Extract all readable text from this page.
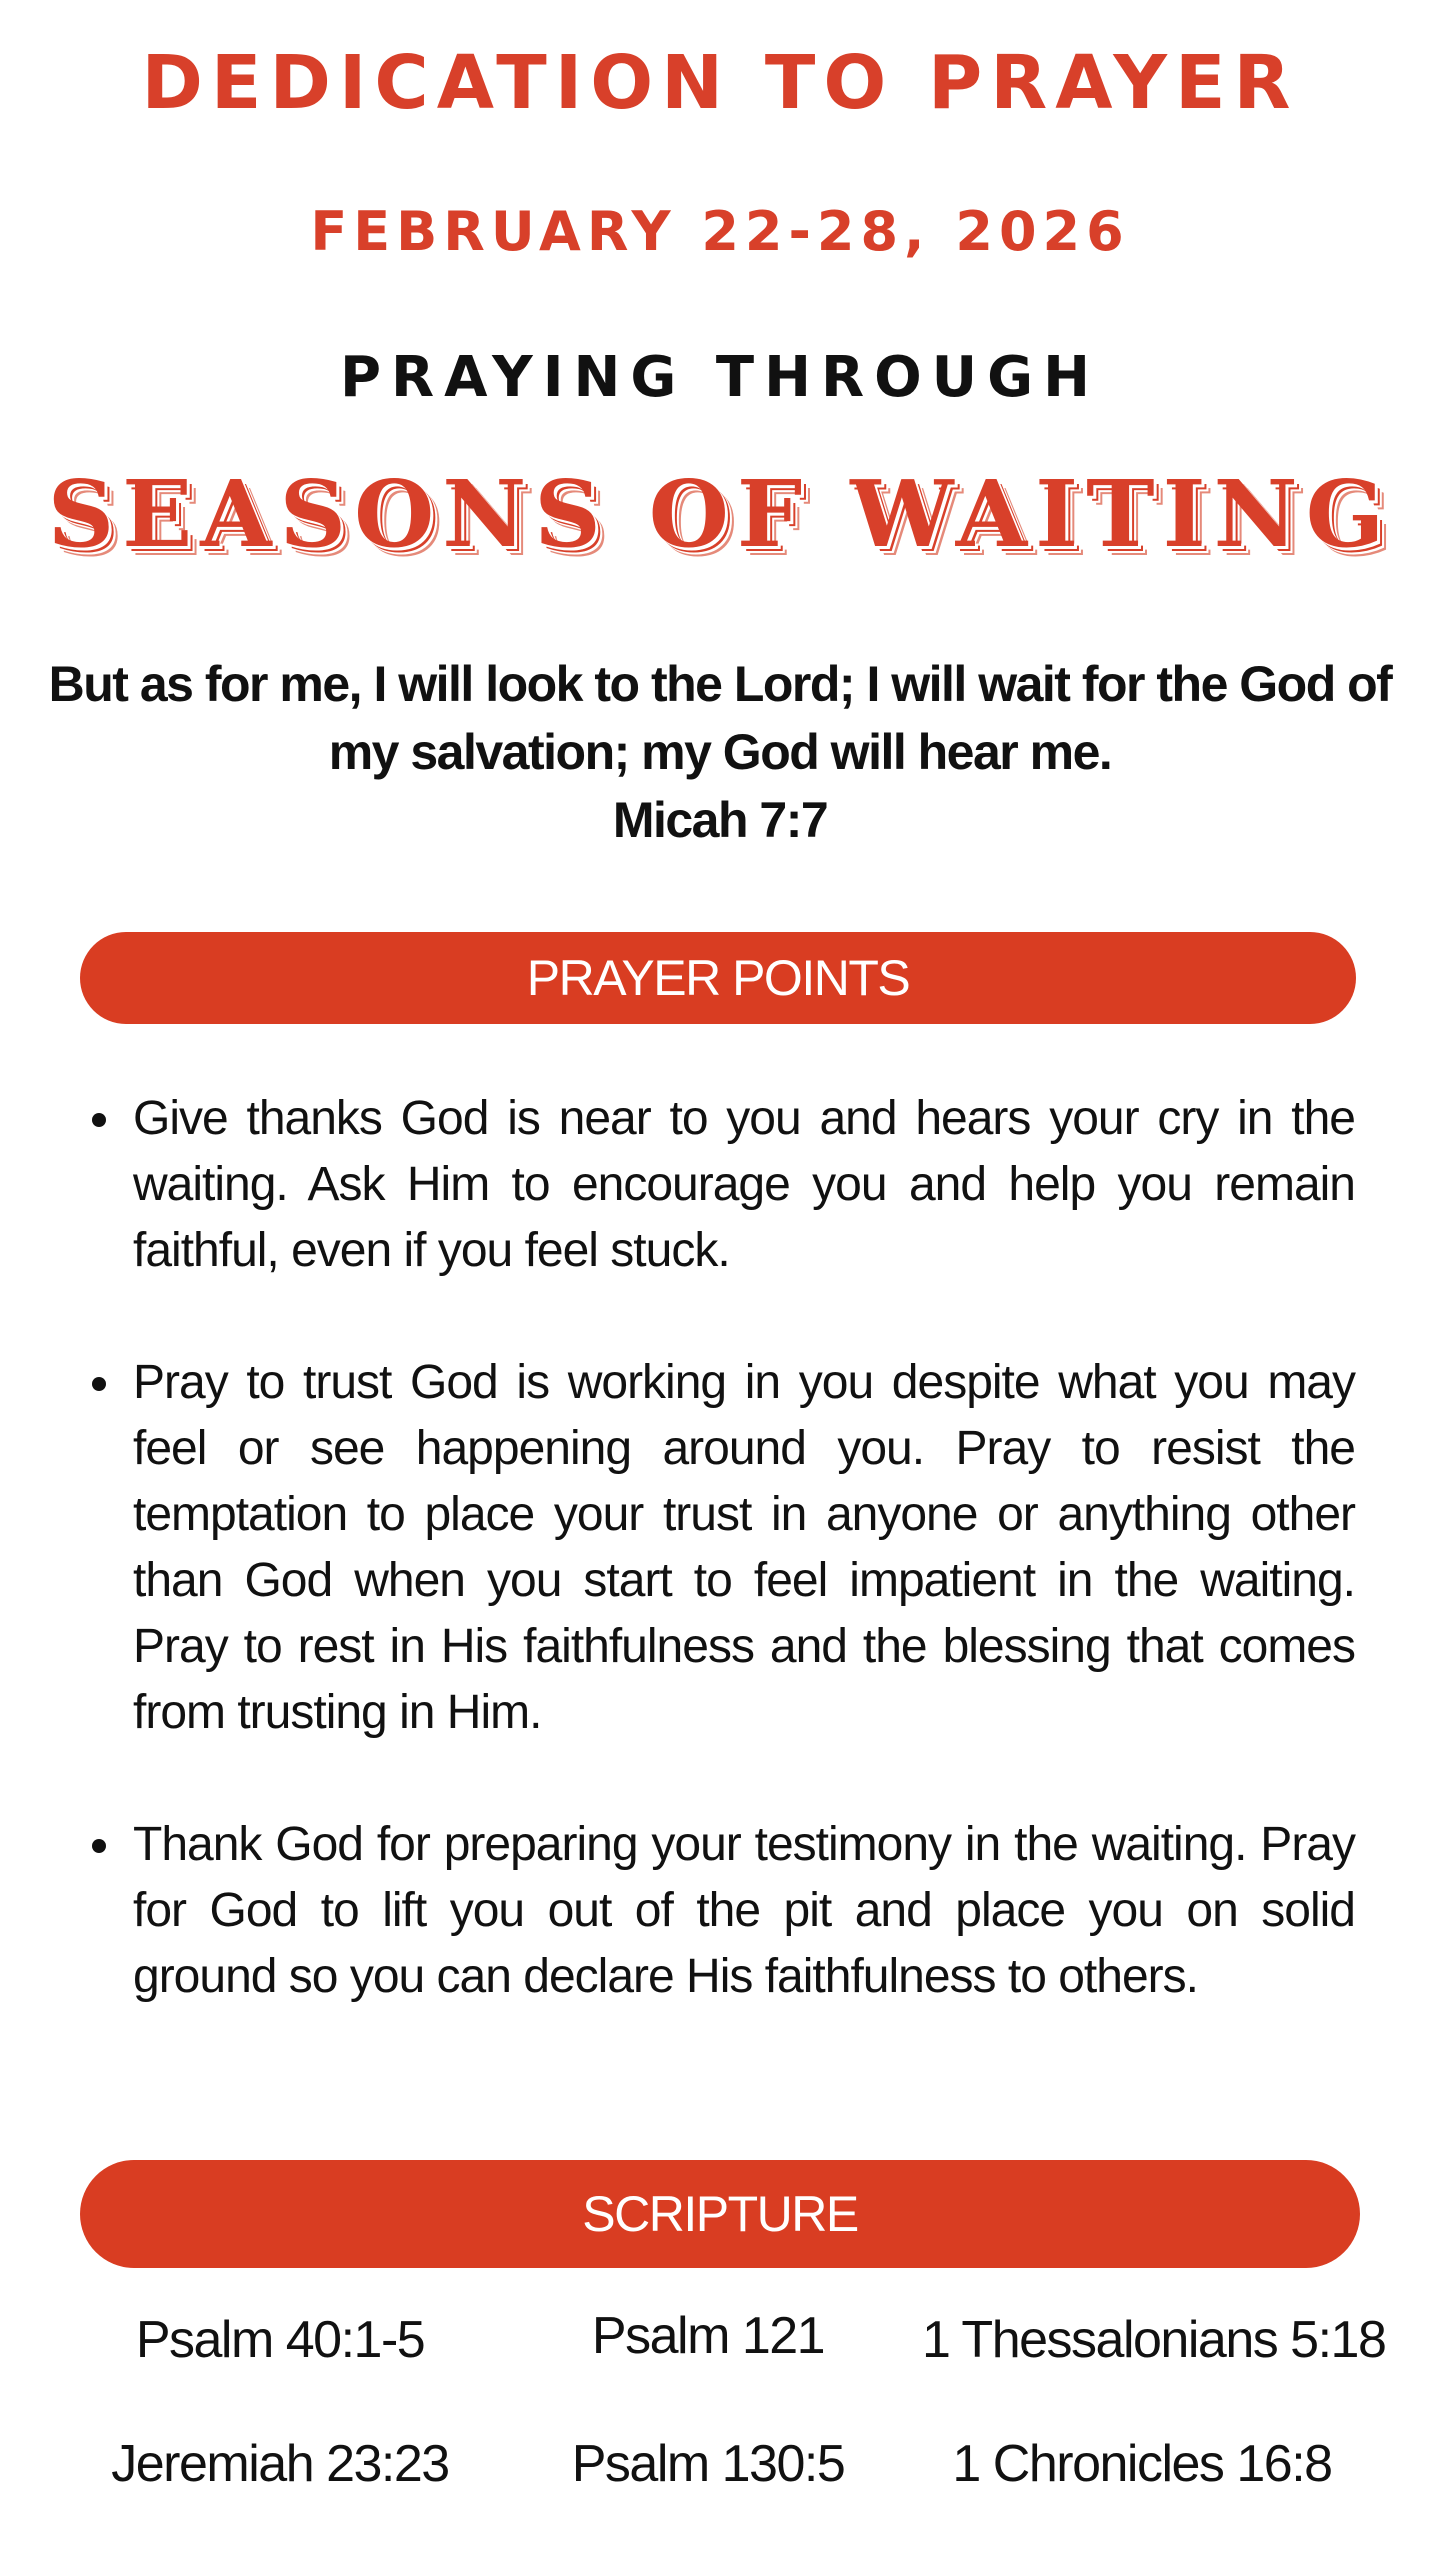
DEDICATION TO PRAYER
FEBRUARY 22-28, 2026
PRAYING THROUGH
SEASONS OF WAITING
But as for me, I will look to the Lord; I will wait for the God of my salvation; my God will hear me.
Micah 7:7
PRAYER POINTS
Give thanks God is near to you and hears your cry in the waiting. Ask Him to encourage you and help you remain faithful, even if you feel stuck.
Pray to trust God is working in you despite what you may feel or see happening around you. Pray to resist the temptation to place your trust in anyone or anything other than God when you start to feel impatient in the waiting. Pray to rest in His faithfulness and the blessing that comes from trusting in Him.
Thank God for preparing your testimony in the waiting. Pray for God to lift you out of the pit and place you on solid ground so you can declare His faithfulness to others.
SCRIPTURE
Psalm 40:1-5	Psalm 121	1 Thessalonians 5:18
Jeremiah 23:23	Psalm 130:5	1 Chronicles 16:8
